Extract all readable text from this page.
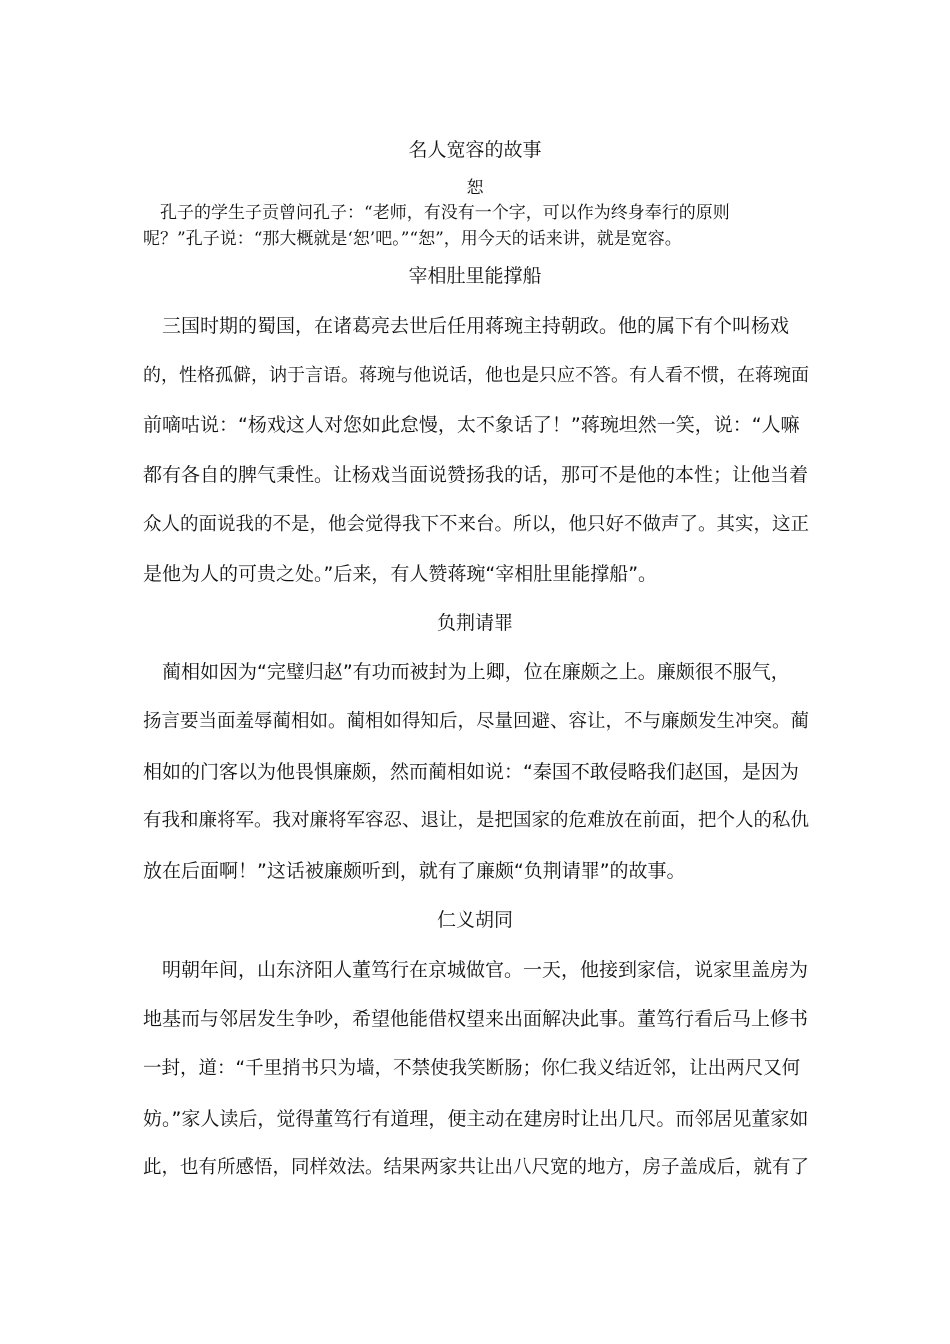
名人宽容的故事
恕
　孔子的学生子贡曾问孔子：“老师，有没有一个字，可以作为终身奉行的原则
呢？”孔子说：“那大概就是‘恕’吧。”“恕”，用今天的话来讲，就是宽容。
宰相肚里能撑船
　三国时期的蜀国，在诸葛亮去世后任用蒋琬主持朝政。他的属下有个叫杨戏
的，性格孤僻，讷于言语。蒋琬与他说话，他也是只应不答。有人看不惯，在蒋琬面
前嘀咕说：“杨戏这人对您如此怠慢，太不象话了！”蒋琬坦然一笑，说：“人嘛
都有各自的脾气秉性。让杨戏当面说赞扬我的话，那可不是他的本性；让他当着
众人的面说我的不是，他会觉得我下不来台。所以，他只好不做声了。其实，这正
是他为人的可贵之处。”后来，有人赞蒋琬“宰相肚里能撑船”。
负荆请罪
　蔺相如因为“完璧归赵”有功而被封为上卿，位在廉颇之上。廉颇很不服气，
扬言要当面羞辱蔺相如。蔺相如得知后，尽量回避、容让，不与廉颇发生冲突。蔺
相如的门客以为他畏惧廉颇，然而蔺相如说：“秦国不敢侵略我们赵国，是因为
有我和廉将军。我对廉将军容忍、退让，是把国家的危难放在前面，把个人的私仇
放在后面啊！”这话被廉颇听到，就有了廉颇“负荆请罪”的故事。
仁义胡同
　明朝年间，山东济阳人董笃行在京城做官。一天，他接到家信，说家里盖房为
地基而与邻居发生争吵，希望他能借权望来出面解决此事。董笃行看后马上修书
一封，道：“千里捎书只为墙，不禁使我笑断肠；你仁我义结近邻，让出两尺又何
妨。”家人读后，觉得董笃行有道理，便主动在建房时让出几尺。而邻居见董家如
此，也有所感悟，同样效法。结果两家共让出八尺宽的地方，房子盖成后，就有了
